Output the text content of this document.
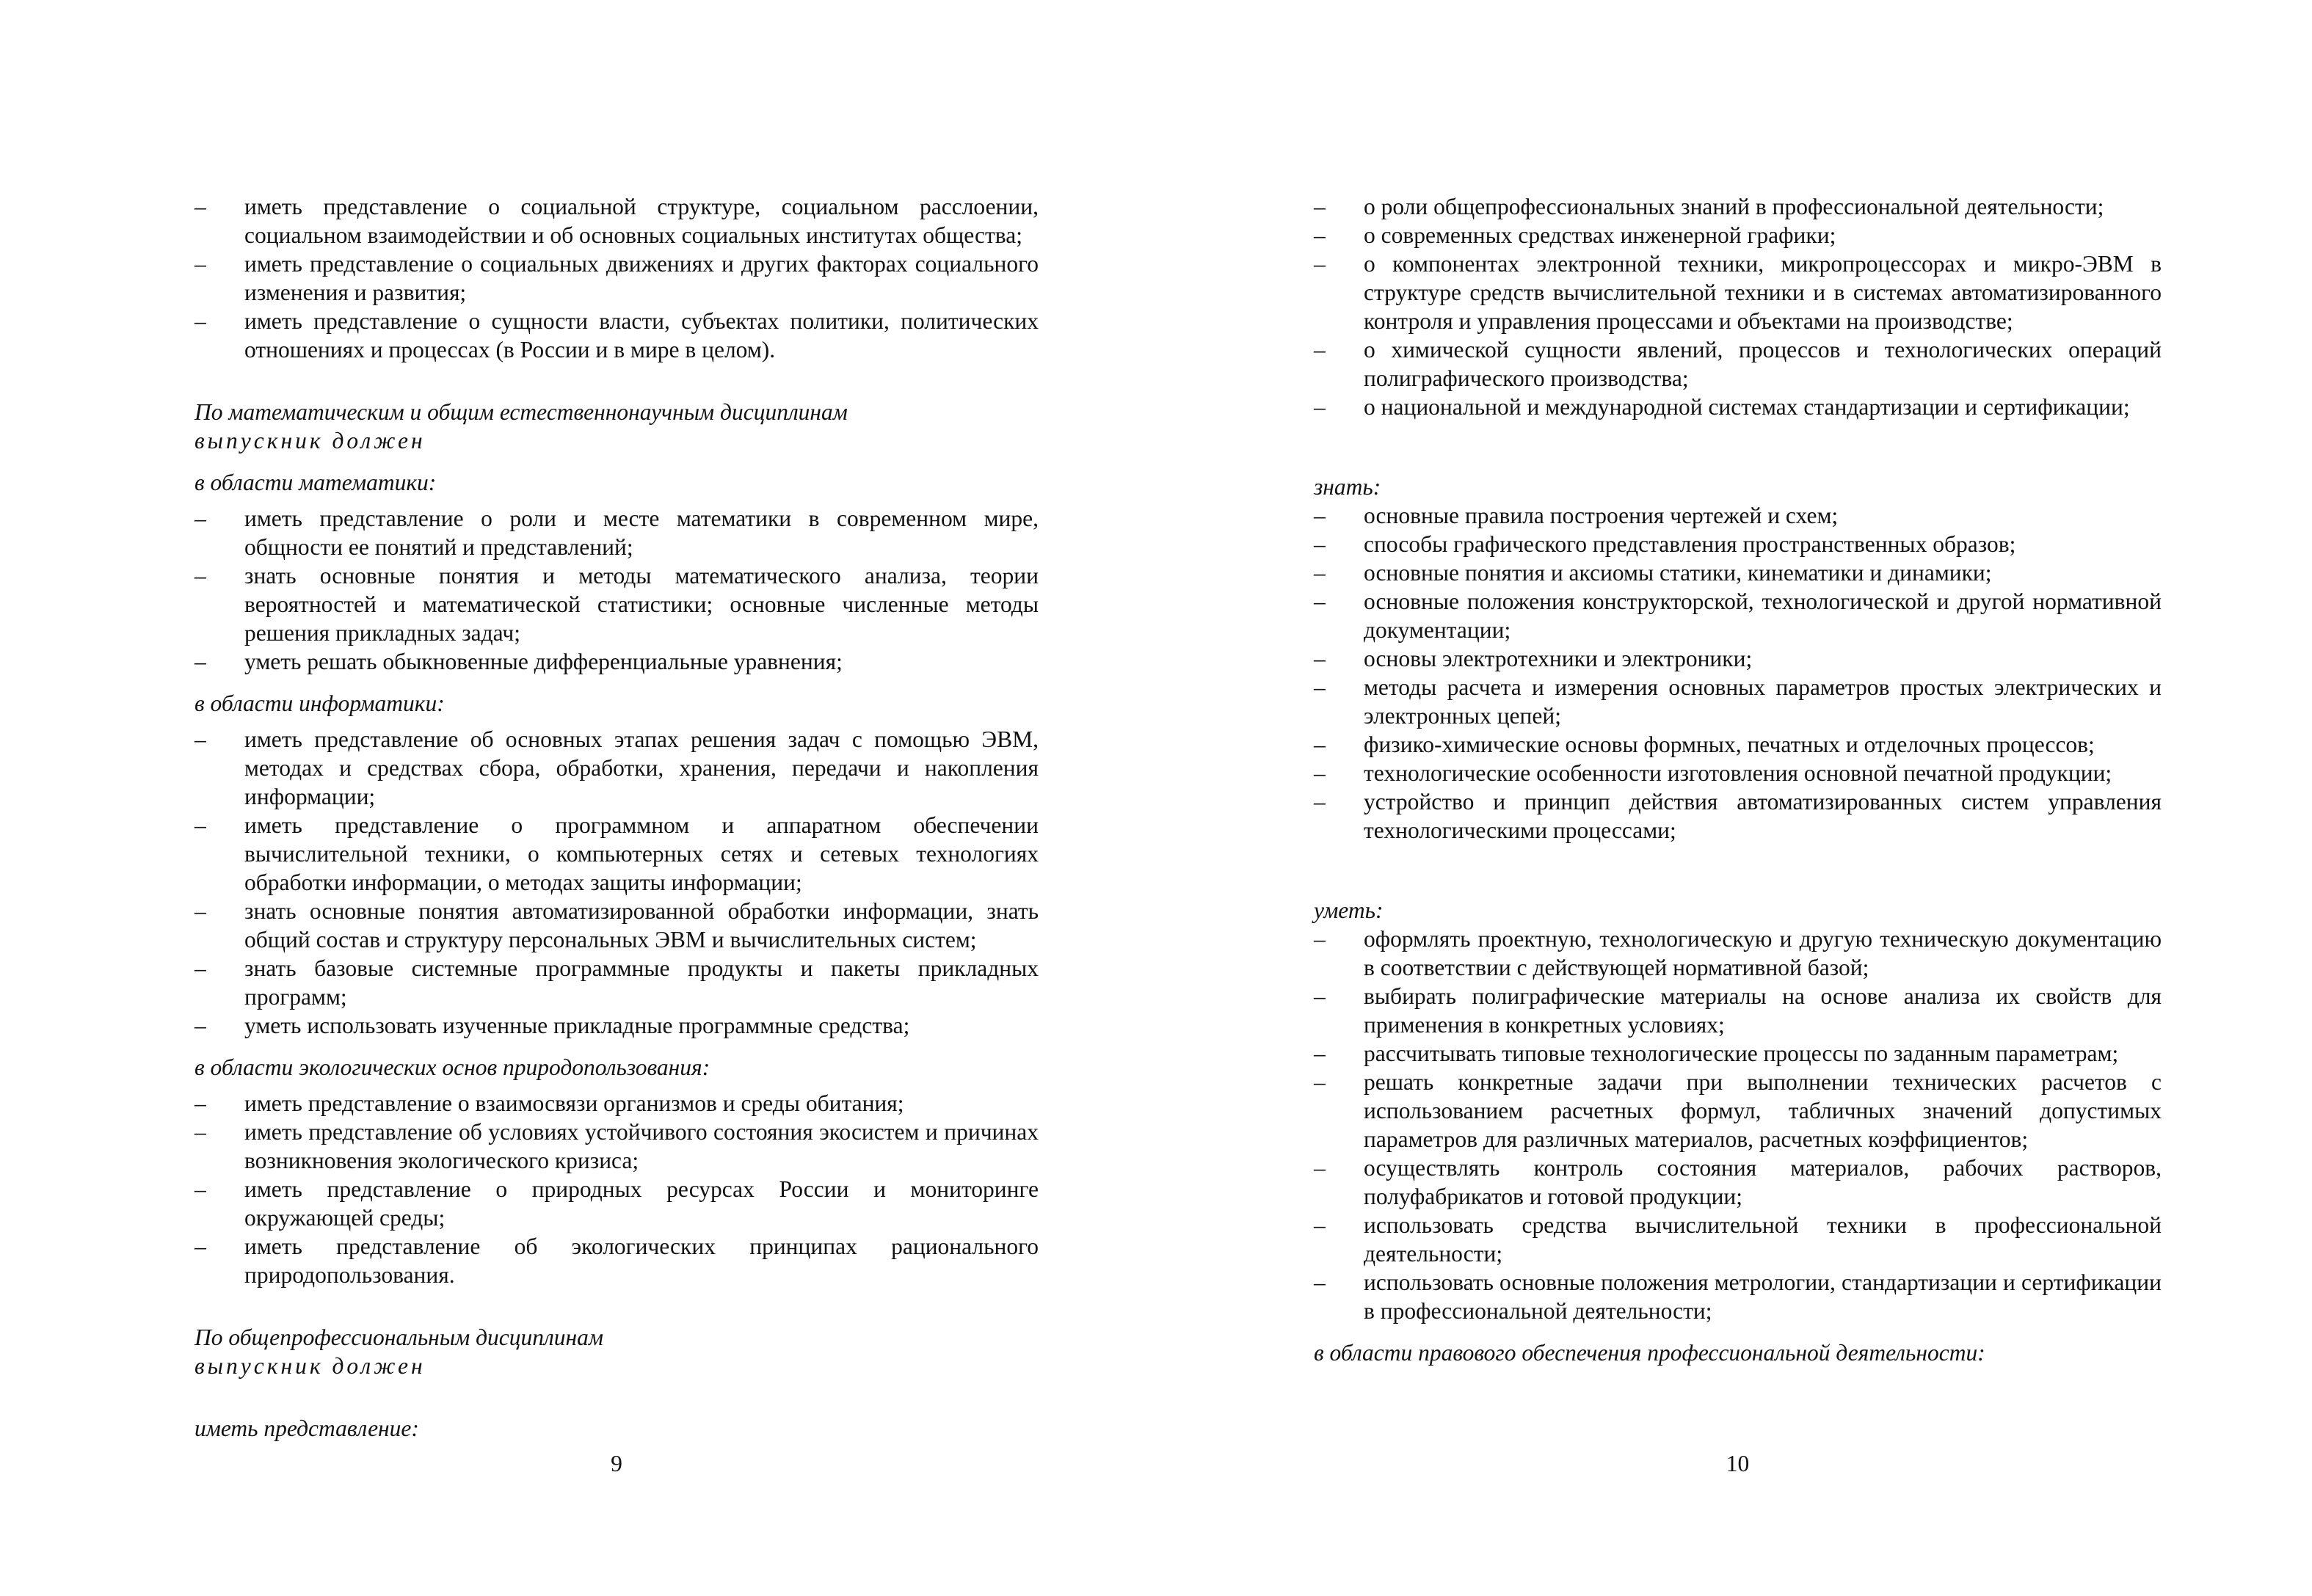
– иметь представление о социальной структуре, социальном расслоении, социальном взаимодействии и об основных социальных институтах общества;
– иметь представление о социальных движениях и других факторах социального изменения и развития;
– иметь представление о сущности власти, субъектах политики, политических отношениях и процессах (в России и в мире в целом).
По математическим и общим естественнонаучным дисциплинам
выпускник должен
в области математики:
– иметь представление о роли и месте математики в современном мире, общности ее понятий и представлений;
– знать основные понятия и методы математического анализа, теории вероятностей и математической статистики; основные численные методы решения прикладных задач;
– уметь решать обыкновенные дифференциальные уравнения;
в области информатики:
– иметь представление об основных этапах решения задач с помощью ЭВМ, методах и средствах сбора, обработки, хранения, передачи и накопления информации;
– иметь представление о программном и аппаратном обеспечении вычислительной техники, о компьютерных сетях и сетевых технологиях обработки информации, о методах защиты информации;
– знать основные понятия автоматизированной обработки информации, знать общий состав и структуру персональных ЭВМ и вычислительных систем;
– знать базовые системные программные продукты и пакеты прикладных программ;
– уметь использовать изученные прикладные программные средства;
в области экологических основ природопользования:
– иметь представление о взаимосвязи организмов и среды обитания;
– иметь представление об условиях устойчивого состояния экосистем и причинах возникновения экологического кризиса;
– иметь представление о природных ресурсах России и мониторинге окружающей среды;
– иметь представление об экологических принципах рационального природопользования.
По общепрофессиональным дисциплинам
выпускник должен
иметь представление:
9
– о роли общепрофессиональных знаний в профессиональной деятельности;
– о современных средствах инженерной графики;
– о компонентах электронной техники, микропроцессорах и микро-ЭВМ в структуре средств вычислительной техники и в системах автоматизированного контроля и управления процессами и объектами на производстве;
– о химической сущности явлений, процессов и технологических операций полиграфического производства;
– о национальной и международной системах стандартизации и сертификации;
знать:
– основные правила построения чертежей и схем;
– способы графического представления пространственных образов;
– основные понятия и аксиомы статики, кинематики и динамики;
– основные положения конструкторской, технологической и другой нормативной документации;
– основы электротехники и электроники;
– методы расчета и измерения основных параметров простых электрических и электронных цепей;
– физико-химические основы формных, печатных и отделочных процессов;
– технологические особенности изготовления основной печатной продукции;
– устройство и принцип действия автоматизированных систем управления технологическими процессами;
уметь:
– оформлять проектную, технологическую и другую техническую документацию в соответствии с действующей нормативной базой;
– выбирать полиграфические материалы на основе анализа их свойств для применения в конкретных условиях;
– рассчитывать типовые технологические процессы по заданным параметрам;
– решать конкретные задачи при выполнении технических расчетов с использованием расчетных формул, табличных значений допустимых параметров для различных материалов, расчетных коэффициентов;
– осуществлять контроль состояния материалов, рабочих растворов, полуфабрикатов и готовой продукции;
– использовать средства вычислительной техники в профессиональной деятельности;
– использовать основные положения метрологии, стандартизации и сертификации в профессиональной деятельности;
в области правового обеспечения профессиональной деятельности:
10
